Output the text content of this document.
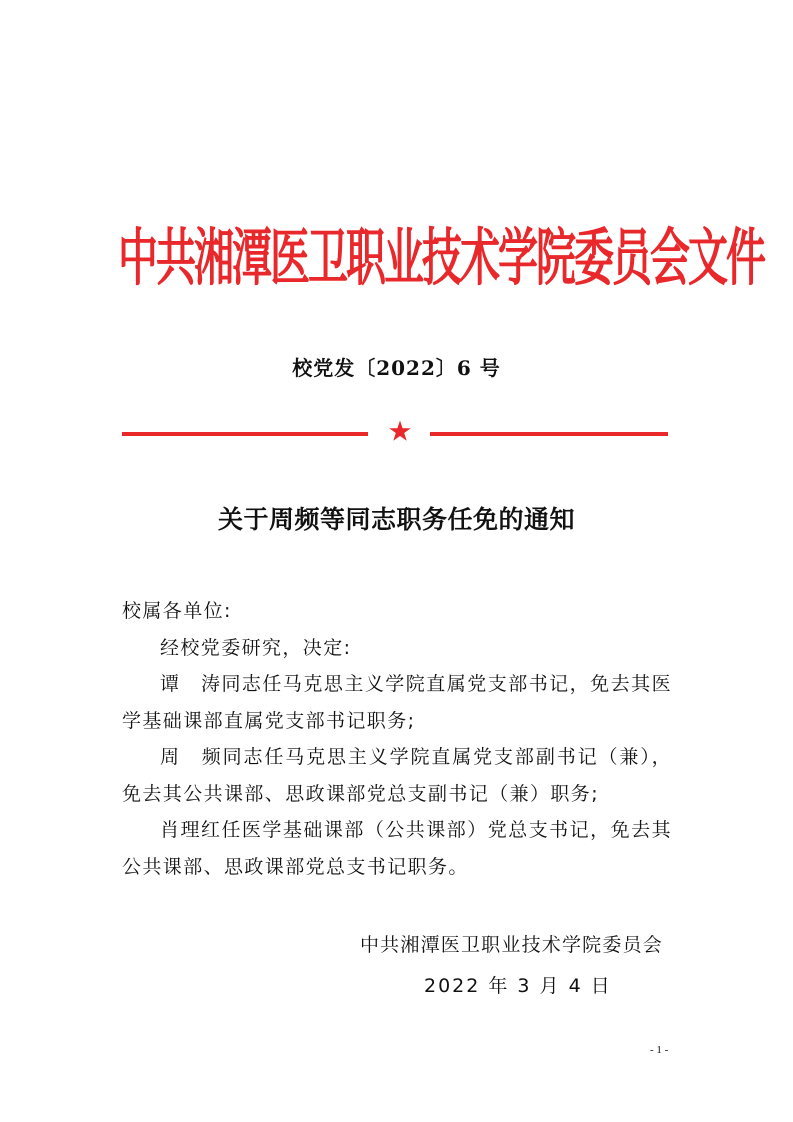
中共湘潭医卫职业技术学院委员会文件
校党发〔2022〕6 号
关于周频等同志职务任免的通知

校属各单位:

经校党委研究，决定:

谭　涛同志任马克思主义学院直属党支部书记，免去其医学基础课部直属党支部书记职务;

周　频同志任马克思主义学院直属党支部副书记（兼），免去其公共课部、思政课部党总支副书记（兼）职务;

肖理红任医学基础课部（公共课部）党总支书记，免去其公共课部、思政课部党总支书记职务。

中共湘潭医卫职业技术学院委员会
2022 年 3 月 4 日
- 1 -
